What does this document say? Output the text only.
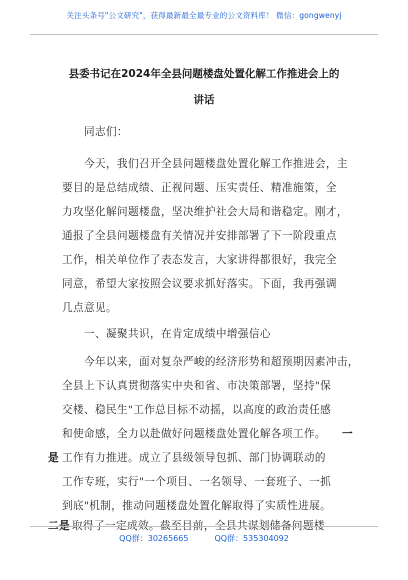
关注头条号"公文研究"，获得最新最全最专业的公文资料库！ 微信：gongwenyj
县委书记在2024年全县问题楼盘处置化解工作推进会上的
讲话
同志们：
今天，我们召开全县问题楼盘处置化解工作推进会，主
要目的是总结成绩、正视问题、压实责任、精准施策，全
力攻坚化解问题楼盘，坚决维护社会大局和谐稳定。刚才，
通报了全县问题楼盘有关情况并安排部署了下一阶段重点
工作，相关单位作了表态发言，大家讲得都很好，我完全
同意，希望大家按照会议要求抓好落实。下面，我再强调
几点意见。
一、凝聚共识，在肯定成绩中增强信心
今年以来，面对复杂严峻的经济形势和超预期因素冲击，
全县上下认真贯彻落实中央和省、市决策部署，坚持"保
交楼、稳民生"工作总目标不动摇，以高度的政治责任感
和使命感，全力以赴做好问题楼盘处置化解各项工作。 一
是 工作有力推进。成立了县级领导包抓、部门协调联动的
工作专班，实行"一个项目、一名领导、一套班子、一抓
到底"机制，推动问题楼盘处置化解取得了实质性进展。
二是 取得了一定成效。截至目前，全县共谋划储备问题楼
QQ群：30265665	QQ群：535304092
